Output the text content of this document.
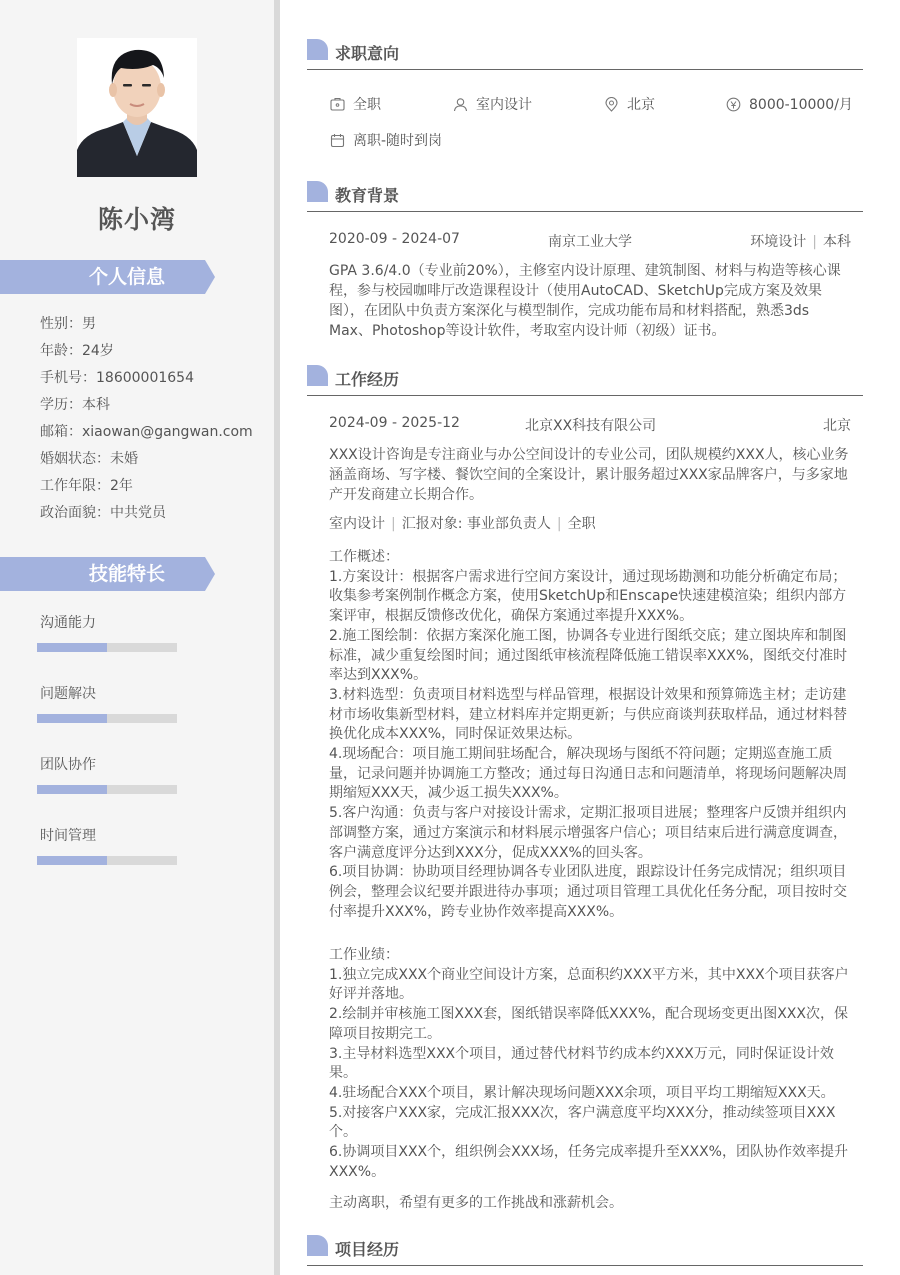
陈小湾
个人信息
性别：男
年龄：24岁
手机号：18600001654
学历：本科
邮箱：xiaowan@gangwan.com
婚姻状态：未婚
工作年限：2年
政治面貌：中共党员
技能特长
沟通能力
问题解决
团队协作
时间管理
求职意向
全职	室内设计	北京	8000-10000/月
离职-随时到岗
教育背景
2020-09 - 2024-07	南京工业大学	环境设计 | 本科

GPA 3.6/4.0（专业前20%），主修室内设计原理、建筑制图、材料与构造等核心课程，参与校园咖啡厅改造课程设计（使用AutoCAD、SketchUp完成方案及效果图），在团队中负责方案深化与模型制作，完成功能布局和材料搭配，熟悉3ds Max、Photoshop等设计软件，考取室内设计师（初级）证书。

工作经历
2024-09 - 2025-12	北京XX科技有限公司	北京

XXX设计咨询是专注商业与办公空间设计的专业公司，团队规模约XXX人，核心业务涵盖商场、写字楼、餐饮空间的全案设计，累计服务超过XXX家品牌客户，与多家地产开发商建立长期合作。

室内设计 | 汇报对象: 事业部负责人 | 全职
工作概述：
1.方案设计：根据客户需求进行空间方案设计，通过现场勘测和功能分析确定布局；收集参考案例制作概念方案，使用SketchUp和Enscape快速建模渲染；组织内部方案评审，根据反馈修改优化，确保方案通过率提升XXX%。
2.施工图绘制：依据方案深化施工图，协调各专业进行图纸交底；建立图块库和制图标准，减少重复绘图时间；通过图纸审核流程降低施工错误率XXX%，图纸交付准时率达到XXX%。
3.材料选型：负责项目材料选型与样品管理，根据设计效果和预算筛选主材；走访建材市场收集新型材料，建立材料库并定期更新；与供应商谈判获取样品，通过材料替换优化成本XXX%，同时保证效果达标。
4.现场配合：项目施工期间驻场配合，解决现场与图纸不符问题；定期巡查施工质量，记录问题并协调施工方整改；通过每日沟通日志和问题清单，将现场问题解决周期缩短XXX天，减少返工损失XXX%。
5.客户沟通：负责与客户对接设计需求，定期汇报项目进展；整理客户反馈并组织内部调整方案，通过方案演示和材料展示增强客户信心；项目结束后进行满意度调查，客户满意度评分达到XXX分，促成XXX%的回头客。
6.项目协调：协助项目经理协调各专业团队进度，跟踪设计任务完成情况；组织项目例会，整理会议纪要并跟进待办事项；通过项目管理工具优化任务分配，项目按时交付率提升XXX%，跨专业协作效率提高XXX%。
工作业绩：
1.独立完成XXX个商业空间设计方案，总面积约XXX平方米，其中XXX个项目获客户好评并落地。
2.绘制并审核施工图XXX套，图纸错误率降低XXX%，配合现场变更出图XXX次，保障项目按期完工。
3.主导材料选型XXX个项目，通过替代材料节约成本约XXX万元，同时保证设计效果。
4.驻场配合XXX个项目，累计解决现场问题XXX余项，项目平均工期缩短XXX天。
5.对接客户XXX家，完成汇报XXX次，客户满意度平均XXX分，推动续签项目XXX个。
6.协调项目XXX个，组织例会XXX场，任务完成率提升至XXX%，团队协作效率提升XXX%。
主动离职，希望有更多的工作挑战和涨薪机会。
项目经历
